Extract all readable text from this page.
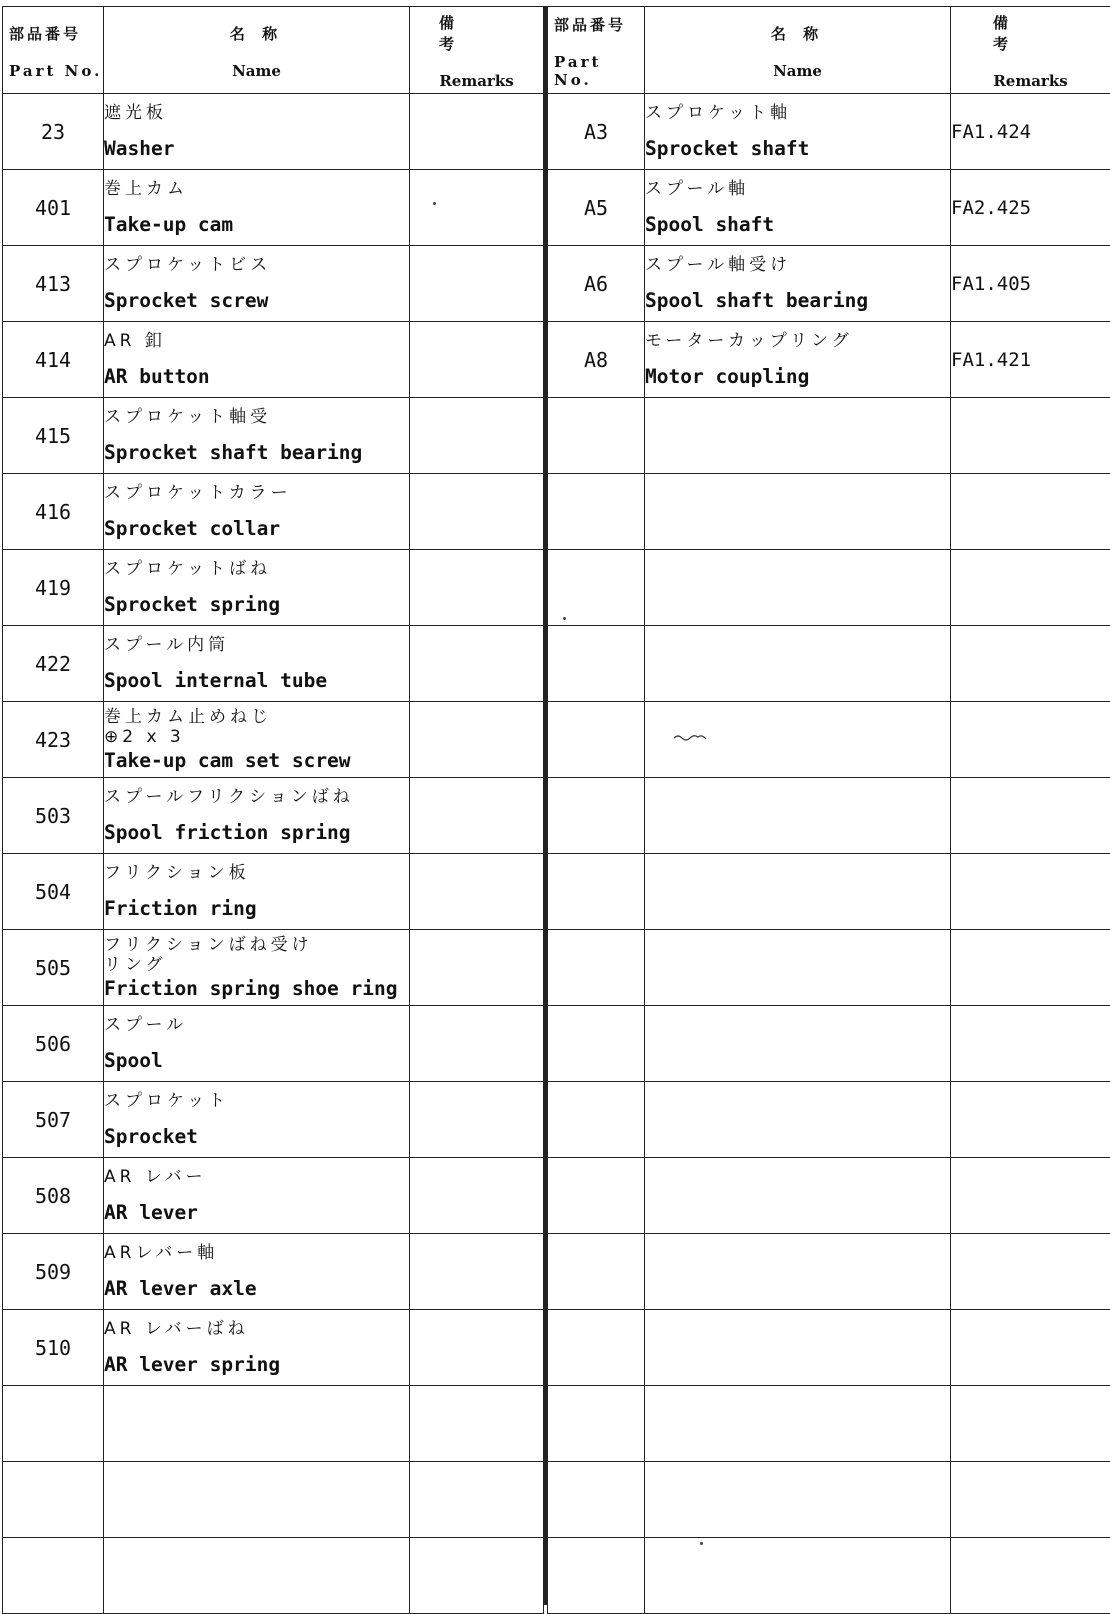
部品番号
Part No.	名 称
Name	備 考
Remarks

23	遮光板
Washer	

401	巻上カム
Take-up cam	

413	スプロケットビス
Sprocket screw	

414	AR 釦
AR button	

415	スプロケット軸受
Sprocket shaft bearing	

416	スプロケットカラー
Sprocket collar	

419	スプロケットばね
Sprocket spring	

422	スプール内筒
Spool internal tube	

423	巻上カム止めねじ
⊕2 x 3
Take-up cam set screw	

503	スプールフリクションばね
Spool friction spring	

504	フリクション板
Friction ring	

505	フリクションばね受け
リング
Friction spring shoe ring	

506	スプール
Spool	

507	スプロケット
Sprocket	

508	AR レバー
AR lever	

509	ARレバー軸
AR lever axle	

510	AR レバーばね
AR lever spring	

部品番号
Part No.	名 称
Name	備 考
Remarks

A3	スプロケット軸
Sprocket shaft	FA1.424
A5	スプール軸
Spool shaft	FA2.425
A6	スプール軸受け
Spool shaft bearing	FA1.405
A8	モーターカップリング
Motor coupling	FA1.421
